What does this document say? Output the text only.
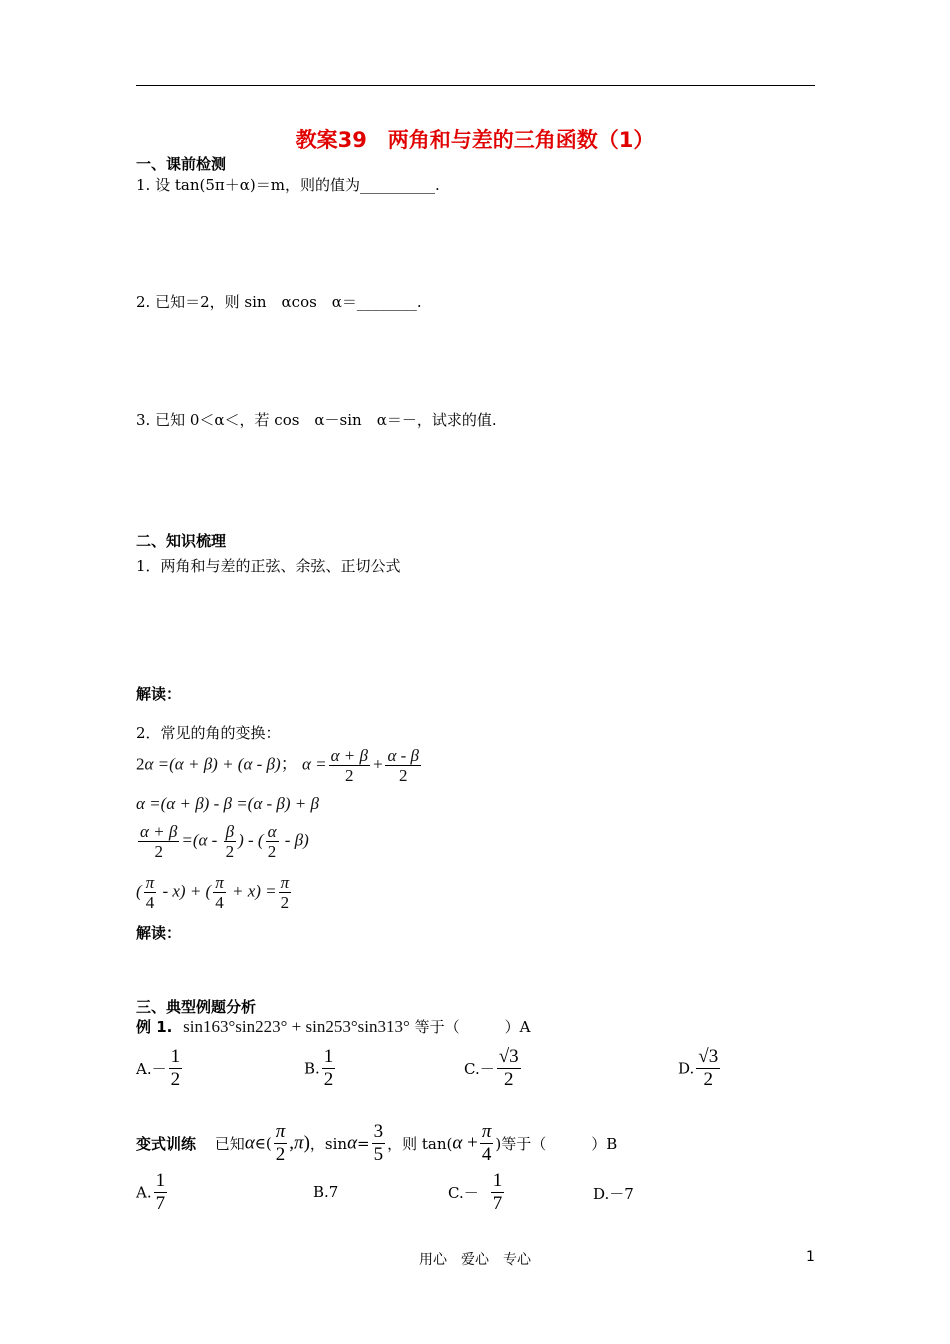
教案39　两角和与差的三角函数（1）
一、课前检测
1. 设 tan(5π＋α)＝m，则的值为__________.
2. 已知＝2，则 sin　αcos　α＝________.
3. 已知 0＜α＜，若 cos　α－sin　α＝－，试求的值.
二、知识梳理
1．两角和与差的正弦、余弦、正切公式
解读：
2．常见的角的变换：
2α =(α + β) + (α - β)； $\alpha = \frac{\alpha + \beta}{2} + \frac{\alpha - \beta}{2}$
α =(α + β) - β =(α - β) + β
$\frac{\alpha + \beta}{2} =(\alpha - \frac{\beta}{2}$ ) - ( $\frac{\alpha}{2} - \beta$)
( $\frac{\pi}{4} - x$) + ( $\frac{\pi}{4} + x) = \frac{\pi}{2}$
解读：
三、典型例题分析
例 1. sin163°sin223° + sin253°sin313° 等于（　　　）A
$A.- \frac{1}{2}$	B. $\frac{1}{2}$	$C.- \frac{√3}{2}$	D. $\frac{√3}{2}$
变式训练 已知α∈( $\frac{\pi}{2} ,\pi$)，$\sin\alpha= \frac{3}{5}$ ，则 $\tan(\alpha + \frac{\pi}{4}$ )等于（　　　）B
A. $\frac{1}{7}$	B.7	$C.- \frac{1}{7}$	D.－7
用心　爱心　专心	1
